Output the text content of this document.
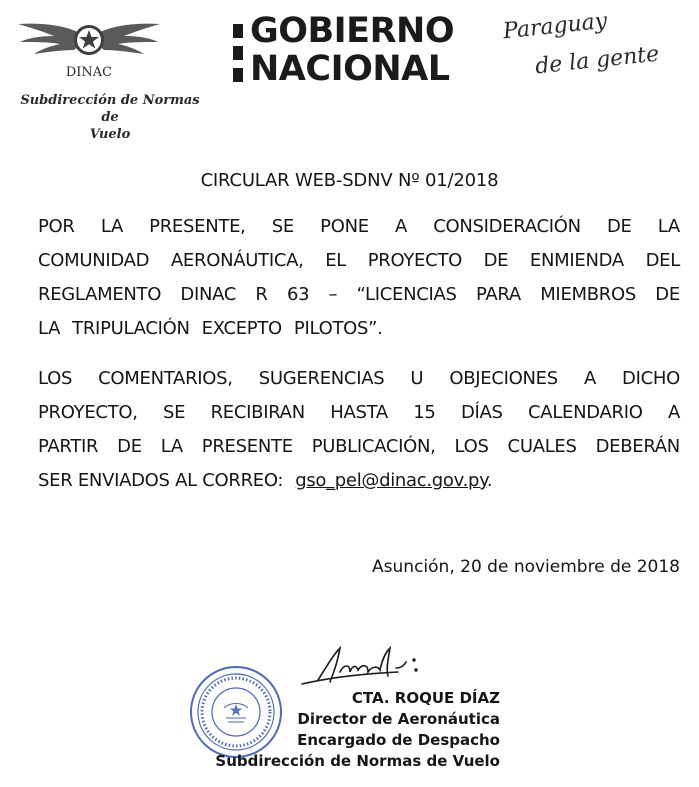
DINAC
Subdirección de Normas de
Vuelo
GOBIERNO
NACIONAL
Paraguay
de la gente
CIRCULAR WEB-SDNV Nº 01/2018
POR LA PRESENTE, SE PONE A CONSIDERACIÓN DE LA
COMUNIDAD AERONÁUTICA, EL PROYECTO DE ENMIENDA DEL
REGLAMENTO DINAC R 63 – “LICENCIAS PARA MIEMBROS DE
LA TRIPULACIÓN EXCEPTO PILOTOS”.
LOS COMENTARIOS, SUGERENCIAS U OBJECIONES A DICHO
PROYECTO, SE RECIBIRAN HASTA 15 DÍAS CALENDARIO A
PARTIR DE LA PRESENTE PUBLICACIÓN, LOS CUALES DEBERÁN
SER ENVIADOS AL CORREO: gso_pel@dinac.gov.py.
Asunción, 20 de noviembre de 2018
CTA. ROQUE DÍAZ
Director de Aeronáutica
Encargado de Despacho
Subdirección de Normas de Vuelo
